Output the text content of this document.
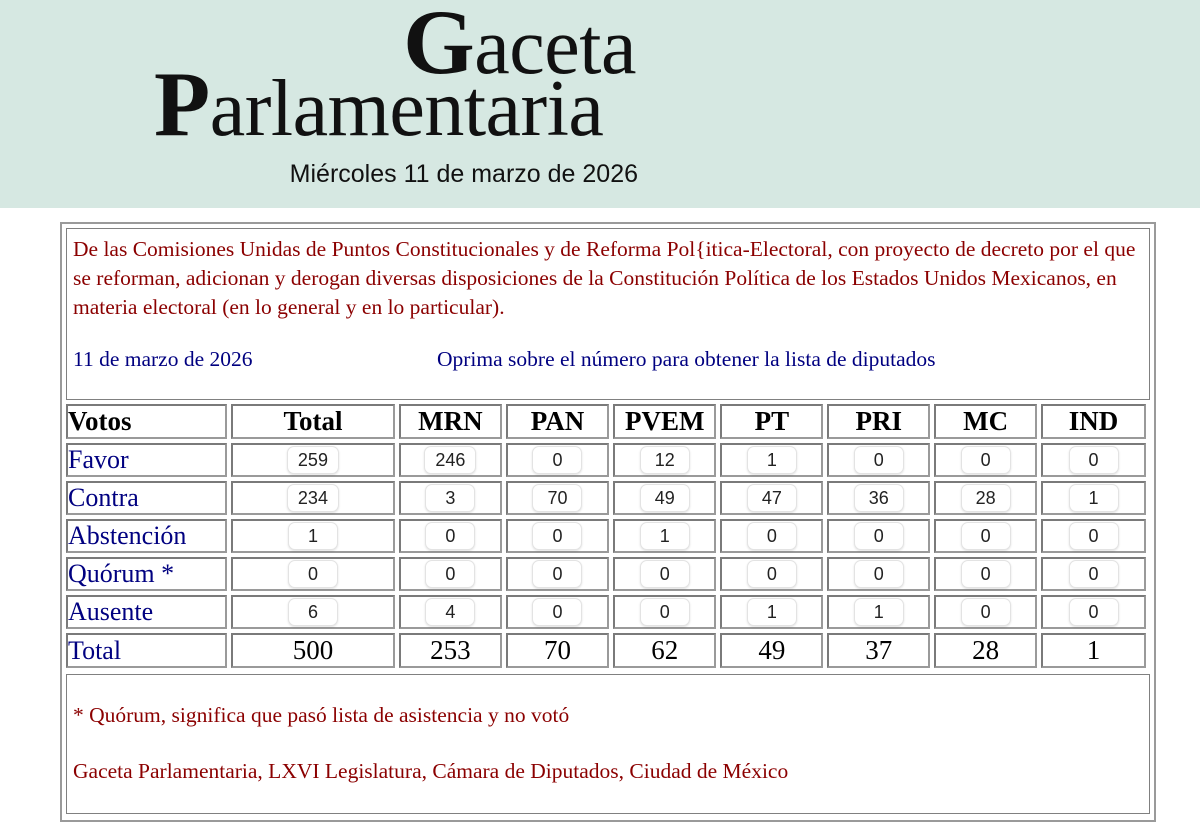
Gaceta
Parlamentaria
Miércoles 11 de marzo de 2026

De las Comisiones Unidas de Puntos Constitucionales y de Reforma Pol{itica-Electoral, con proyecto de decreto por el que se reforman, adicionan y derogan diversas disposiciones de la Constitución Política de los Estados Unidos Mexicanos, en materia electoral (en lo general y en lo particular).

11 de marzo de 2026	Oprima sobre el número para obtener la lista de diputados
Votos	Total	MRN	PAN	PVEM	PT	PRI	MC	IND
Favor	259	246	0	12	1	0	0	0
Contra	234	3	70	49	47	36	28	1
Abstención	1	0	0	1	0	0	0	0
Quórum *	0	0	0	0	0	0	0	0
Ausente	6	4	0	0	1	1	0	0
Total	500	253	70	62	49	37	28	1
* Quórum, significa que pasó lista de asistencia y no votó
Gaceta Parlamentaria, LXVI Legislatura, Cámara de Diputados, Ciudad de México
